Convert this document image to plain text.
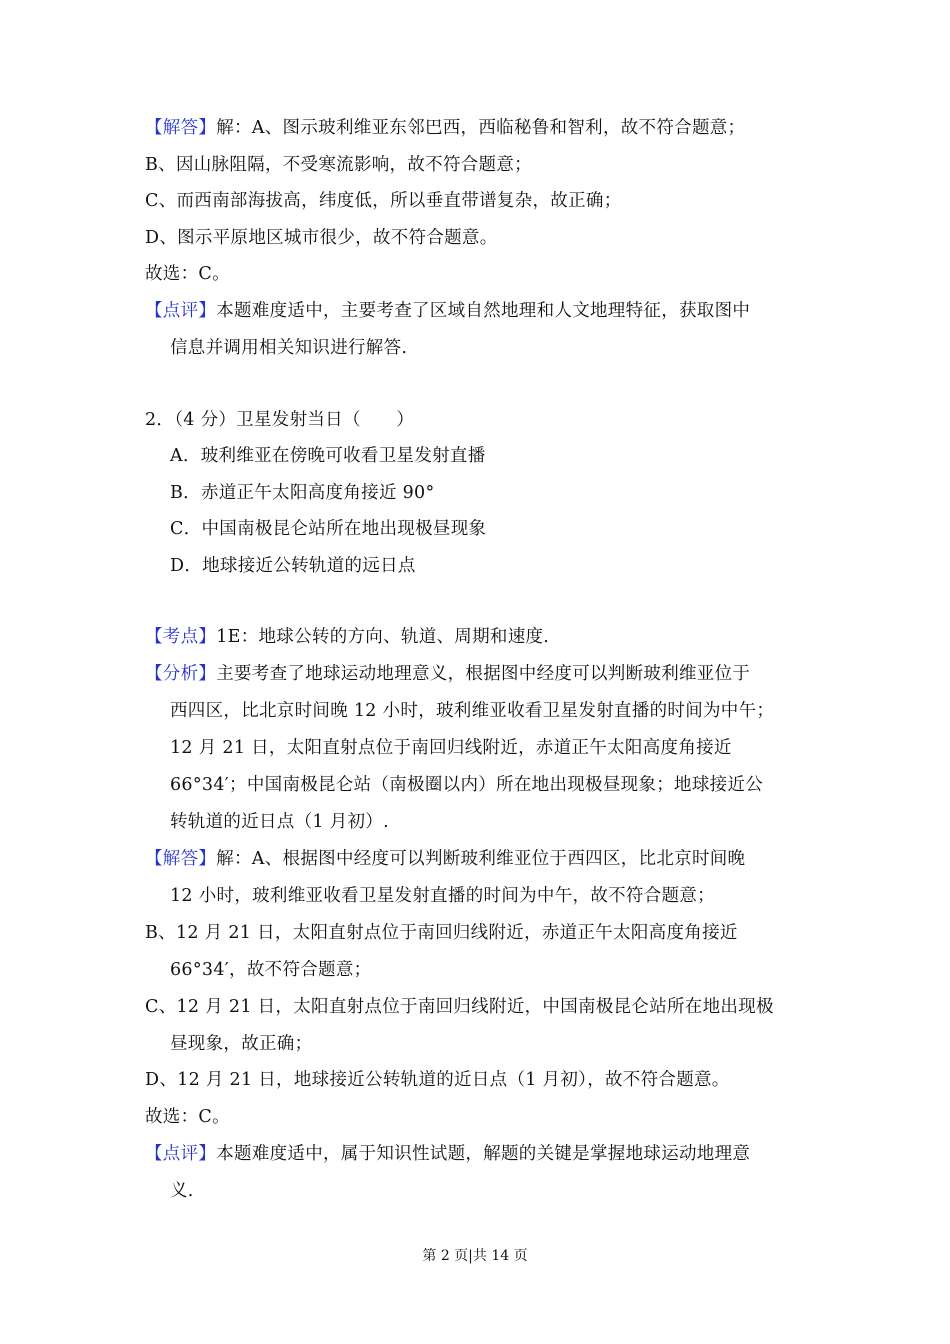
【解答】解：A、图示玻利维亚东邻巴西，西临秘鲁和智利，故不符合题意；
B、因山脉阻隔，不受寒流影响，故不符合题意；
C、而西南部海拔高，纬度低，所以垂直带谱复杂，故正确；
D、图示平原地区城市很少，故不符合题意。
故选：C。
【点评】本题难度适中，主要考查了区域自然地理和人文地理特征，获取图中
信息并调用相关知识进行解答.
2．（4 分）卫星发射当日（　　）
A．玻利维亚在傍晚可收看卫星发射直播
B．赤道正午太阳高度角接近 90°
C．中国南极昆仑站所在地出现极昼现象
D．地球接近公转轨道的远日点
【考点】1E：地球公转的方向、轨道、周期和速度.
【分析】主要考查了地球运动地理意义，根据图中经度可以判断玻利维亚位于
西四区，比北京时间晚 12 小时，玻利维亚收看卫星发射直播的时间为中午；
12 月 21 日，太阳直射点位于南回归线附近，赤道正午太阳高度角接近
66°34′；中国南极昆仑站（南极圈以内）所在地出现极昼现象；地球接近公
转轨道的近日点（1 月初）.
【解答】解：A、根据图中经度可以判断玻利维亚位于西四区，比北京时间晚
12 小时，玻利维亚收看卫星发射直播的时间为中午，故不符合题意；
B、12 月 21 日，太阳直射点位于南回归线附近，赤道正午太阳高度角接近
66°34′，故不符合题意；
C、12 月 21 日，太阳直射点位于南回归线附近，中国南极昆仑站所在地出现极
昼现象，故正确；
D、12 月 21 日，地球接近公转轨道的近日点（1 月初），故不符合题意。
故选：C。
【点评】本题难度适中，属于知识性试题，解题的关键是掌握地球运动地理意
义.
第 2 页|共 14 页
